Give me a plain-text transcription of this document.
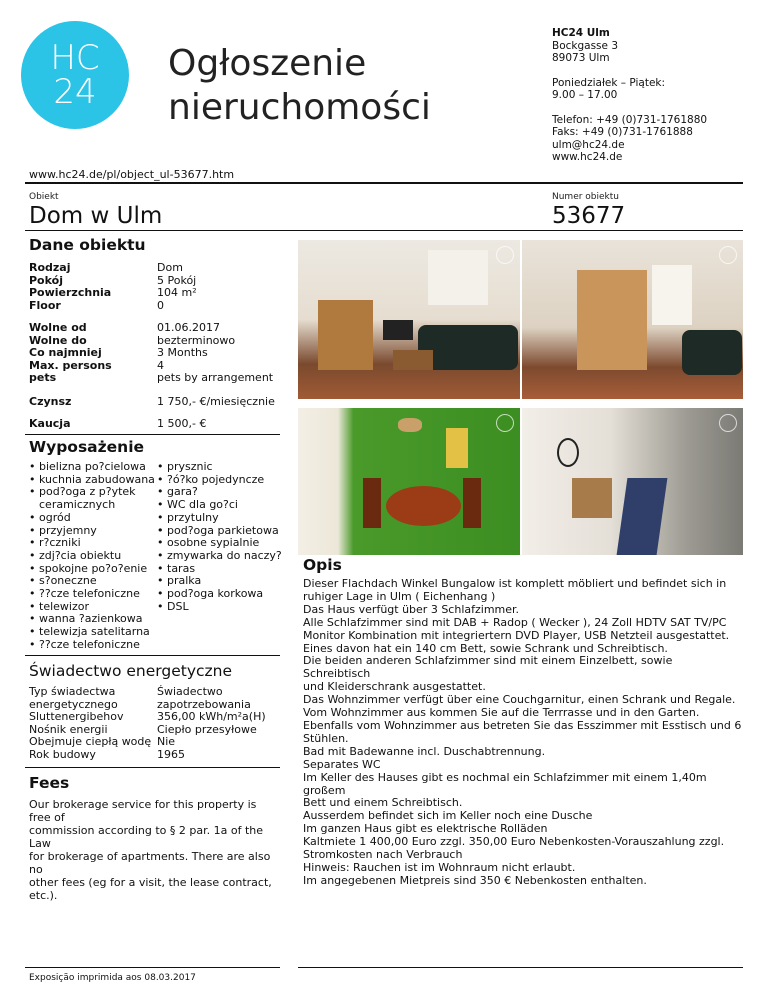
HC
24
Ogłoszenie
nieruchomości
HC24 Ulm
Bockgasse 3
89073 Ulm
Poniedziałek – Piątek:
9.00 – 17.00
Telefon: +49 (0)731-1761880
Faks: +49 (0)731-1761888
ulm@hc24.de
www.hc24.de
www.hc24.de/pl/object_ul-53677.htm
Obiekt
Dom w Ulm
Numer obiektu
53677
Dane obiektu
Rodzaj	Dom
Pokój	5 Pokój
Powierzchnia	104 m²
Floor	0
Wolne od	01.06.2017
Wolne do	bezterminowo
Co najmniej	3 Months
Max. persons	4
pets	pets by arrangement
Czynsz	1 750,- €/miesięcznie
Kaucja	1 500,- €
Wyposażenie
• bielizna po?cielowa
• kuchnia zabudowana
• pod?oga z p?ytek
ceramicznych
• ogród
• przyjemny
• r?czniki
• zdj?cia obiektu
• spokojne po?o?enie
• s?oneczne
• ??cze telefoniczne
• telewizor
• wanna ?azienkowa
• telewizja satelitarna
• ??cze telefoniczne
• prysznic
• ?ó?ko pojedyncze
• gara?
• WC dla go?ci
• przytulny
• pod?oga parkietowa
• osobne sypialnie
• zmywarka do naczy?
• taras
• pralka
• pod?oga korkowa
• DSL
Świadectwo energetyczne
Typ świadectwa	Świadectwo
energetycznego	zapotrzebowania
Sluttenergibehov	356,00 kWh/m²a(H)
Nośnik energii	Ciepło przesyłowe
Obejmuje ciepłą wodę Nie
Rok budowy	1965
Fees
Our brokerage service for this property is free of
commission according to § 2 par. 1a of the Law
for brokerage of apartments. There are also no
other fees (eg for a visit, the lease contract, etc.).
Opis
Dieser Flachdach Winkel Bungalow ist komplett möbliert und befindet sich in
ruhiger Lage in Ulm ( Eichenhang )
Das Haus verfügt über 3 Schlafzimmer.
Alle Schlafzimmer sind mit DAB + Radop ( Wecker ), 24 Zoll HDTV SAT TV/PC
Monitor Kombination mit integriertern DVD Player, USB Netzteil ausgestattet.
Eines davon hat ein 140 cm Bett, sowie Schrank und Schreibtisch.
Die beiden anderen Schlafzimmer sind mit einem Einzelbett, sowie Schreibtisch
und Kleiderschrank ausgestattet.
Das Wohnzimmer verfügt über eine Couchgarnitur, einen Schrank und Regale.
Vom Wohnzimmer aus kommen Sie auf die Terrrasse und in den Garten.
Ebenfalls vom Wohnzimmer aus betreten Sie das Esszimmer mit Esstisch und 6
Stühlen.
Bad mit Badewanne incl. Duschabtrennung.
Separates WC
Im Keller des Hauses gibt es nochmal ein Schlafzimmer mit einem 1,40m großem
Bett und einem Schreibtisch.
Ausserdem befindet sich im Keller noch eine Dusche
Im ganzen Haus gibt es elektrische Rolläden
Kaltmiete 1 400,00 Euro zzgl. 350,00 Euro Nebenkosten-Vorauszahlung zzgl.
Stromkosten nach Verbrauch
Hinweis: Rauchen ist im Wohnraum nicht erlaubt.
Im angegebenen Mietpreis sind 350 € Nebenkosten enthalten.
Exposição imprimida aos 08.03.2017
